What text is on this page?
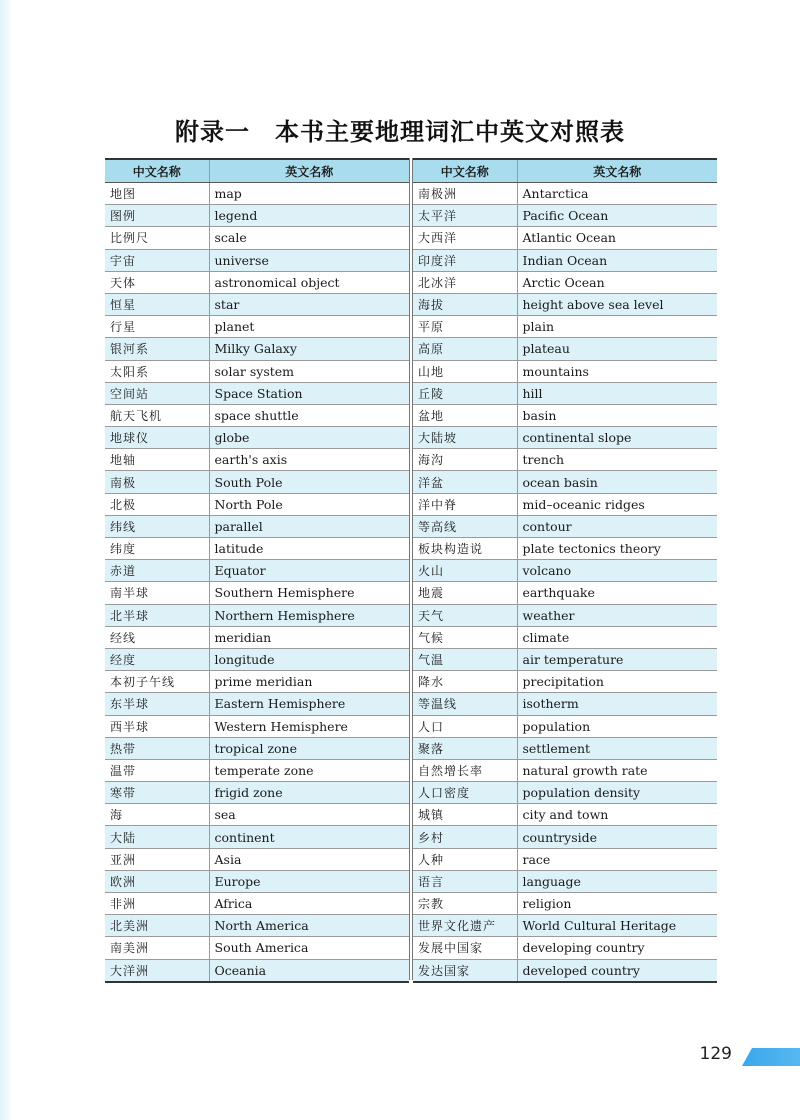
附录一　本书主要地理词汇中英文对照表
中文名称	英文名称
地图	map
图例	legend
比例尺	scale
宇宙	universe
天体	astronomical object
恒星	star
行星	planet
银河系	Milky Galaxy
太阳系	solar system
空间站	Space Station
航天飞机	space shuttle
地球仪	globe
地轴	earth's axis
南极	South Pole
北极	North Pole
纬线	parallel
纬度	latitude
赤道	Equator
南半球	Southern Hemisphere
北半球	Northern Hemisphere
经线	meridian
经度	longitude
本初子午线	prime meridian
东半球	Eastern Hemisphere
西半球	Western Hemisphere
热带	tropical zone
温带	temperate zone
寒带	frigid zone
海	sea
大陆	continent
亚洲	Asia
欧洲	Europe
非洲	Africa
北美洲	North America
南美洲	South America
大洋洲	Oceania
中文名称	英文名称
南极洲	Antarctica
太平洋	Pacific Ocean
大西洋	Atlantic Ocean
印度洋	Indian Ocean
北冰洋	Arctic Ocean
海拔	height above sea level
平原	plain
高原	plateau
山地	mountains
丘陵	hill
盆地	basin
大陆坡	continental slope
海沟	trench
洋盆	ocean basin
洋中脊	mid–oceanic ridges
等高线	contour
板块构造说	plate tectonics theory
火山	volcano
地震	earthquake
天气	weather
气候	climate
气温	air temperature
降水	precipitation
等温线	isotherm
人口	population
聚落	settlement
自然增长率	natural growth rate
人口密度	population density
城镇	city and town
乡村	countryside
人种	race
语言	language
宗教	religion
世界文化遗产	World Cultural Heritage
发展中国家	developing country
发达国家	developed country
129
